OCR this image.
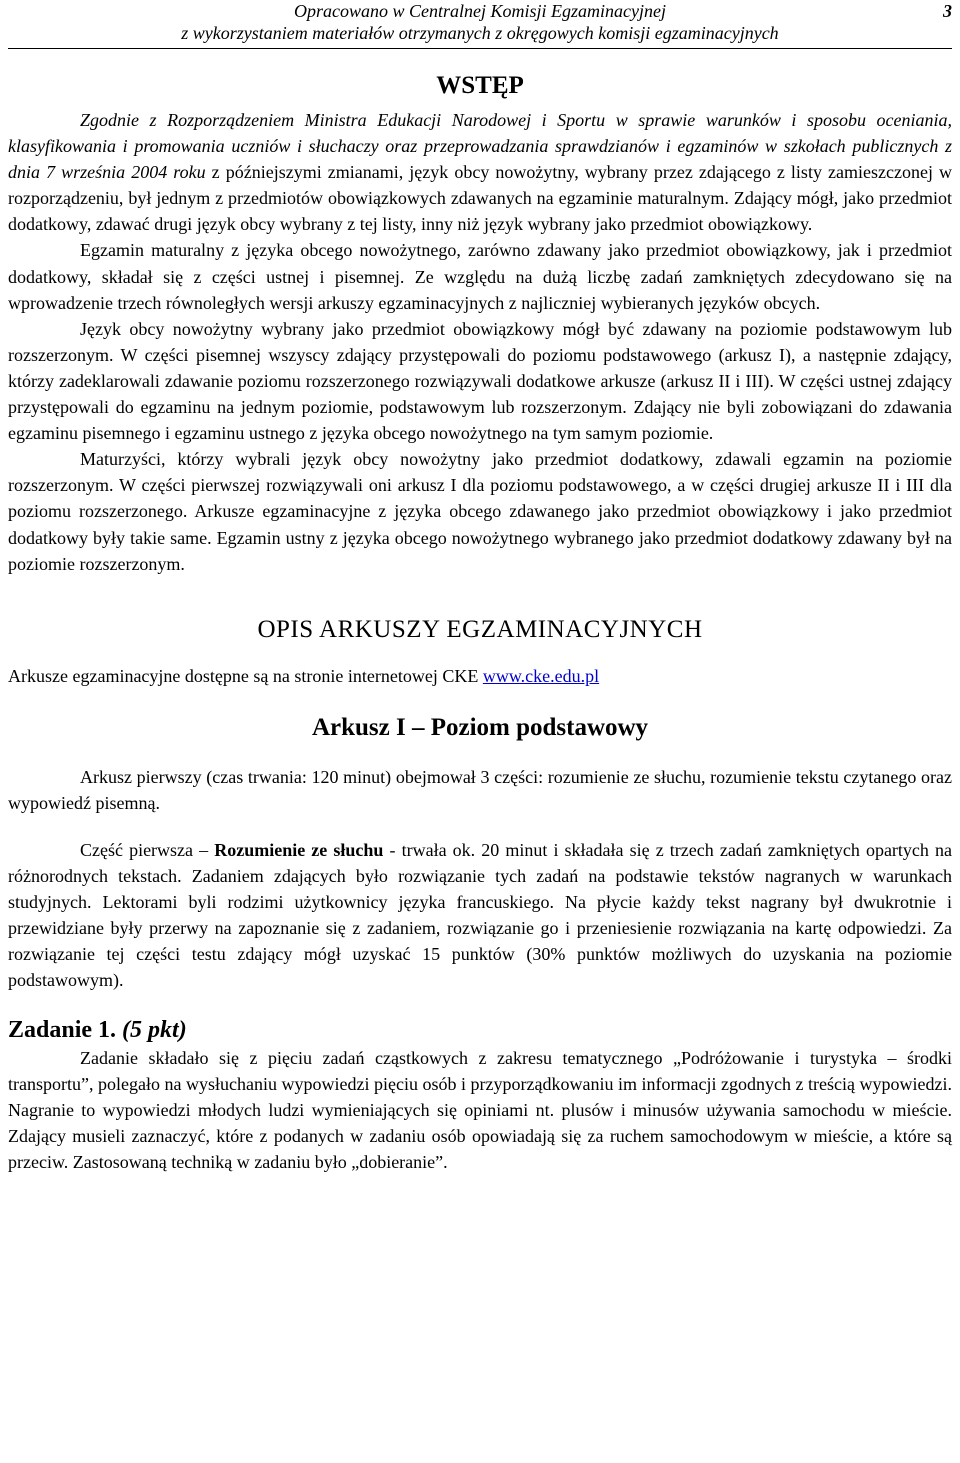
Opracowano w Centralnej Komisji Egzaminacyjnej
z wykorzystaniem materiałów otrzymanych z okręgowych komisji egzaminacyjnych
3
WSTĘP

Zgodnie z Rozporządzeniem Ministra Edukacji Narodowej i Sportu w sprawie warunków i sposobu oceniania, klasyfikowania i promowania uczniów i słuchaczy oraz przeprowadzania sprawdzianów i egzaminów w szkołach publicznych z dnia 7 września 2004 roku z późniejszymi zmianami, język obcy nowożytny, wybrany przez zdającego z listy zamieszczonej w rozporządzeniu, był jednym z przedmiotów obowiązkowych zdawanych na egzaminie maturalnym. Zdający mógł, jako przedmiot dodatkowy, zdawać drugi język obcy wybrany z tej listy, inny niż język wybrany jako przedmiot obowiązkowy.

Egzamin maturalny z języka obcego nowożytnego, zarówno zdawany jako przedmiot obowiązkowy, jak i przedmiot dodatkowy, składał się z części ustnej i pisemnej. Ze względu na dużą liczbę zadań zamkniętych zdecydowano się na wprowadzenie trzech równoległych wersji arkuszy egzaminacyjnych z najliczniej wybieranych języków obcych.

Język obcy nowożytny wybrany jako przedmiot obowiązkowy mógł być zdawany na poziomie podstawowym lub rozszerzonym. W części pisemnej wszyscy zdający przystępowali do poziomu podstawowego (arkusz I), a następnie zdający, którzy zadeklarowali zdawanie poziomu rozszerzonego rozwiązywali dodatkowe arkusze (arkusz II i III). W części ustnej zdający przystępowali do egzaminu na jednym poziomie, podstawowym lub rozszerzonym. Zdający nie byli zobowiązani do zdawania egzaminu pisemnego i egzaminu ustnego z języka obcego nowożytnego na tym samym poziomie.

Maturzyści, którzy wybrali język obcy nowożytny jako przedmiot dodatkowy, zdawali egzamin na poziomie rozszerzonym. W części pierwszej rozwiązywali oni arkusz I dla poziomu podstawowego, a w części drugiej arkusze II i III dla poziomu rozszerzonego. Arkusze egzaminacyjne z języka obcego zdawanego jako przedmiot obowiązkowy i jako przedmiot dodatkowy były takie same. Egzamin ustny z języka obcego nowożytnego wybranego jako przedmiot dodatkowy zdawany był na poziomie rozszerzonym.

OPIS ARKUSZY EGZAMINACYJNYCH

Arkusze egzaminacyjne dostępne są na stronie internetowej CKE www.cke.edu.pl

Arkusz I – Poziom podstawowy

Arkusz pierwszy (czas trwania: 120 minut) obejmował 3 części: rozumienie ze słuchu, rozumienie tekstu czytanego oraz wypowiedź pisemną.

Część pierwsza – Rozumienie ze słuchu - trwała ok. 20 minut i składała się z trzech zadań zamkniętych opartych na różnorodnych tekstach. Zadaniem zdających było rozwiązanie tych zadań na podstawie tekstów nagranych w warunkach studyjnych. Lektorami byli rodzimi użytkownicy języka francuskiego. Na płycie każdy tekst nagrany był dwukrotnie i przewidziane były przerwy na zapoznanie się z zadaniem, rozwiązanie go i przeniesienie rozwiązania na kartę odpowiedzi. Za rozwiązanie tej części testu zdający mógł uzyskać 15 punktów (30% punktów możliwych do uzyskania na poziomie podstawowym).

Zadanie 1. (5 pkt)

Zadanie składało się z pięciu zadań cząstkowych z zakresu tematycznego „Podróżowanie i turystyka – środki transportu”, polegało na wysłuchaniu wypowiedzi pięciu osób i przyporządkowaniu im informacji zgodnych z treścią wypowiedzi. Nagranie to wypowiedzi młodych ludzi wymieniających się opiniami nt. plusów i minusów używania samochodu w mieście. Zdający musieli zaznaczyć, które z podanych w zadaniu osób opowiadają się za ruchem samochodowym w mieście, a które są przeciw. Zastosowaną techniką w zadaniu było „dobieranie”.
